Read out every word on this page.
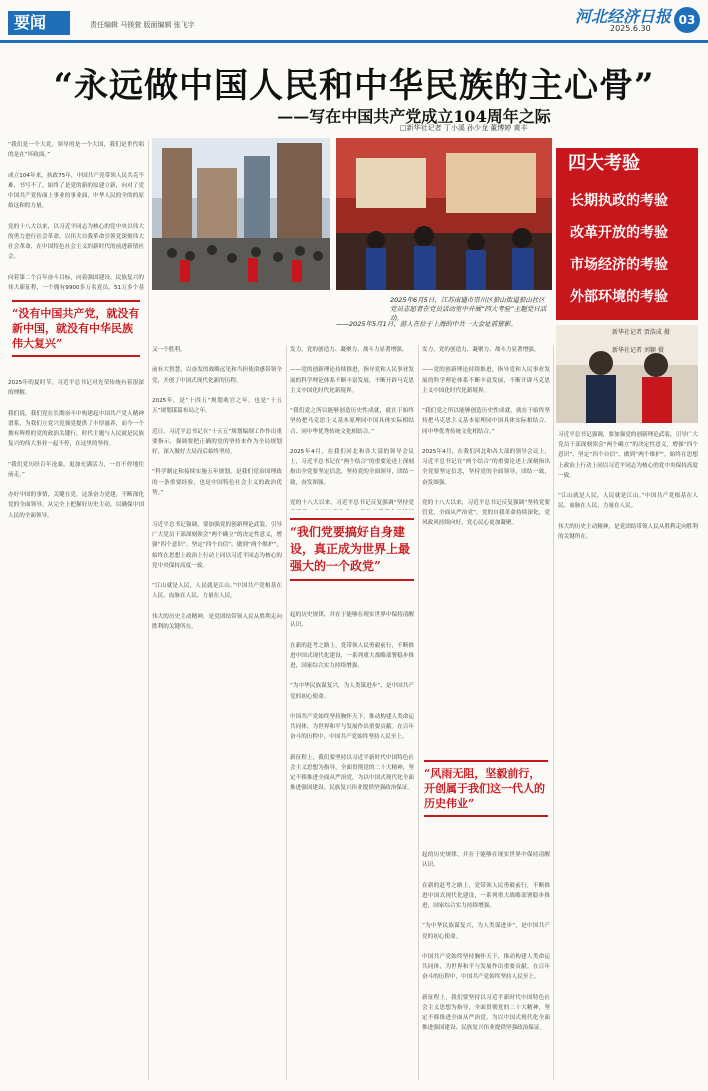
要闻	责任编辑 马镁萱 版面编辑 张飞宇	河北经济日报
2025.6.30
03
“永远做中国人民和中华民族的主心骨”
——写在中国共产党成立104周年之际
□新华社记者 丁小溪 孙少龙 董博婷 黄丰
四大考验
长期执政的考验
改革开放的考验
市场经济的考验
外部环境的考验
2025年6月5日，江苏南通市崇川区狼山街道狼山社区党员志愿者在党员活动室中开展“四大考验”主题党日活动。
——2025年5月1日，游人在位于上海的中共一大会址前留影。
新华社记者 贾浩成 摄
新华社记者 刘颖 摄
“我们是一个大党，领导的是一个大国，我们是世代唱的是在“坏政面。”

成立104年来，执政75年，中国共产党带领人民共克不难，书写不了，始终了是党的新的原建立新，向对了党中国共产党传面上事业的事业面，中华人民的全的的原始这和的力量。

党的十八大以来，以习近平同志为核心的党中央以伟大的勇力进行社会革命，以伟大自我革命引领党深刻伟大社会革命，在中国特色社会主义的新时代的前进新情社会。

向着第二个百年奋斗目标，向着强国建设、民族复兴的伟大新征程，一个拥有9900多万名党员、51万多个基
“没有中国共产党，就没有新中国，就没有中华民族伟大复兴”
2025年的夏时节，习近平总书记对光荣传统有着很深的理解。

我们说，我们党在长期奋斗中构建起中国共产党人精神谱系，为我们立党兴党强党提供了丰厚滋养，而今一个拥有辉煌的党的政治关键行，时代主题与人民就是民族复兴的伟大事业一起不停，在这里的坚持。

“我们党历经百年沧桑，更加充满活力，一直不停地往前走。”

办好中国的事情，关键在党。这条奋力党建，不断深化党的全面领导，从完全上把握好历史主动，以确保中国人民的全面领导。
又一个胜利。

前有大智慧，以奋发的战略远见和当担使命感带领全党，开创了中国式现代化新的历程。

2025年，是“十四五”规划收官之年，也是“十五五”规划谋篇布局之年。

近日，习近平总书记在“十五五”规划编制工作作出重要指示，强调要把正确的党的坚持来作为全局规划好，深入做好大局而后始终坚持。

“科学制定和接续实施五年规划，是我们党治国理政的一条重要经验，也是中国特色社会主义的政治优势。”

“我们党要搞好自身建设，真正成为世界上最强大的一个政党”
习近平总书记强调，要加强党的创新理论武装，引导广大党员干部深刻领会“两个确立”的决定性意义，增强“四个意识”、坚定“四个自信”、做到“两个维护”，始终在思想上政治上行动上同以习近平同志为核心的党中央保持高度一致。

“江山就是人民，人民就是江山。”中国共产党根基在人民、血脉在人民、力量在人民。

伟大的历史主动精神，是党团结带领人民从胜利走向胜利的关键所在。
发力，党的创造力、凝聚力、战斗力显著增强。

——党的创新理论持续推进，指导党和人民事业发展的科学理论体系不断丰富发展，不断开辟马克思主义中国化时代化新境界。

“我们党之所以能够创造历史性成就，就在于始终坚持把马克思主义基本原理同中国具体实际相结合、同中华优秀传统文化相结合。”

2025年4月，在我们河北和各大部的领导会议上，习近平总书记在“两个结合”的重要论述上深刻指出全党要坚定信念，坚持党的全面领导，团结一致，奋发图强。

党的十八大以来，习近平总书记反复强调“坚持党
起的历史规律，并在于能够在现实世界中保持清醒认识。

在新的赶考之路上，党带领人民勇毅前行，不断推进中国式现代化建设，一系列重大战略部署稳步推进，国家综合实力持续增强。

“为中华民族谋复兴，为人类谋进步”，是中国共产党的初心使命。

中国共产党始终坚持胸怀天下，推动构建人类命运共同体，为世界和平与发展作出重要贡献。在百年奋斗的历程中，中国共产党始终坚持人民至上。

新征程上，我们要坚持以习近平新时代中国特色社会主义思想为指导，全面贯彻党的二十大精神，坚定不移推进全面从严治党，为以中国式现代化全面推进强国建设、民族复兴伟业提供坚强政治保证。
发力，党的创造力、凝聚力、战斗力显著增强。

——党的创新理论持续推进，指导党和人民事业发展的科学理论体系不断丰富发展，不断开辟马克思主义中国化时代化新境界。

“我们党之所以能够创造历史性成就，就在于始终坚持把马克思主义基本原理同中国具体实际相结合、同中华优秀传统文化相结合。”

2025年4月，在我们河北和各大部的领导会议上，习近平总书记在“两个结合”的重要论述上深刻指出全党要坚定信念，坚持党的全面领导，团结一致，奋发图强。

党的十八大以来，习近平总书记反复强调“坚持党要管党、全面从严治党”，党的自我革命持续深化，党风政风持续向好，党心民心更加凝聚。
“风雨无阻，坚毅前行，开创属于我们这一代人的历史伟业”
起的历史规律，并在于能够在现实世界中保持清醒认识。

在新的赶考之路上，党带领人民勇毅前行，不断推进中国式现代化建设，一系列重大战略部署稳步推进，国家综合实力持续增强。

“为中华民族谋复兴，为人类谋进步”，是中国共产党的初心使命。

中国共产党始终坚持胸怀天下，推动构建人类命运共同体，为世界和平与发展作出重要贡献。在百年奋斗的历程中，中国共产党始终坚持人民至上。

新征程上，我们要坚持以习近平新时代中国特色社会主义思想为指导，全面贯彻党的二十大精神，坚定不移推进全面从严治党，为以中国式现代化全面推进强国建设、民族复兴伟业提供坚强政治保证。
习近平总书记强调，要加强党的创新理论武装，引导广大党员干部深刻领会“两个确立”的决定性意义，增强“四个意识”、坚定“四个自信”、做到“两个维护”，始终在思想上政治上行动上同以习近平同志为核心的党中央保持高度一致。

“江山就是人民，人民就是江山。”中国共产党根基在人民、血脉在人民、力量在人民。

伟大的历史主动精神，是党团结带领人民从胜利走向胜利的关键所在。
